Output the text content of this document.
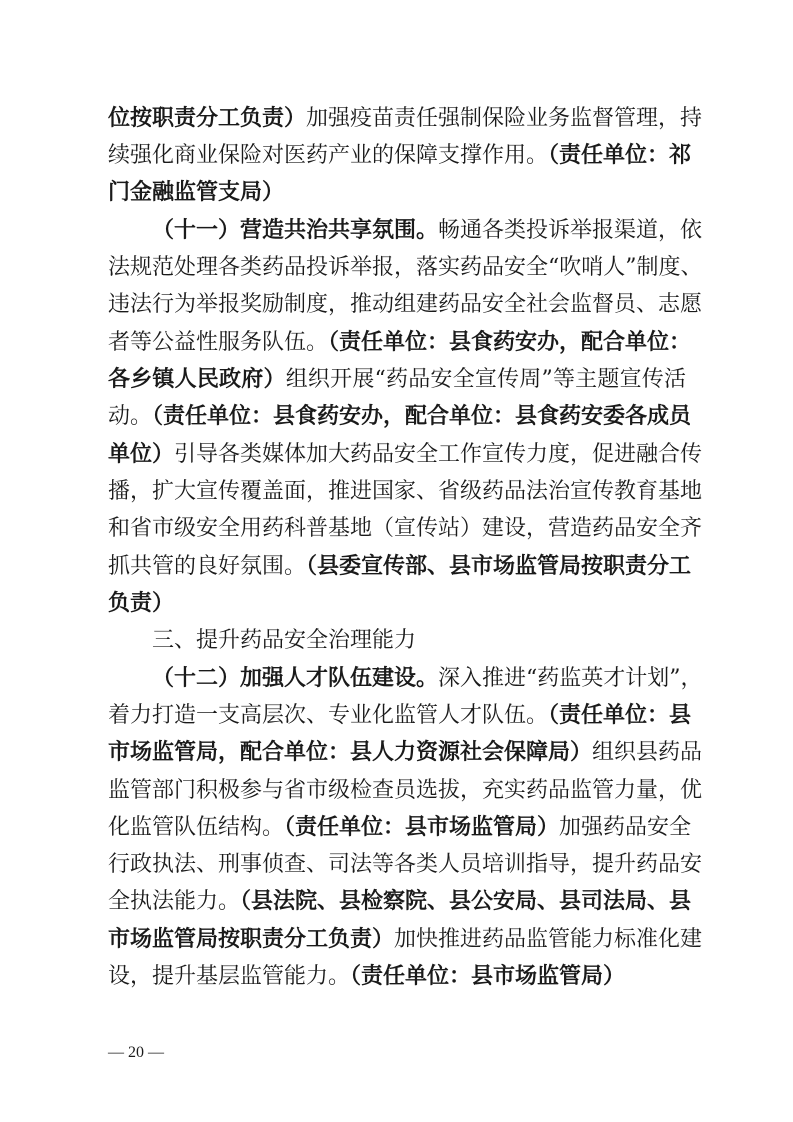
位按职责分工负责）加强疫苗责任强制保险业务监督管理，持
续强化商业保险对医药产业的保障支撑作用。（责任单位：祁
门金融监管支局）
（十一）营造共治共享氛围。畅通各类投诉举报渠道，依
法规范处理各类药品投诉举报，落实药品安全“吹哨人”制度、
违法行为举报奖励制度，推动组建药品安全社会监督员、志愿
者等公益性服务队伍。（责任单位：县食药安办，配合单位：
各乡镇人民政府）组织开展“药品安全宣传周”等主题宣传活
动。（责任单位：县食药安办，配合单位：县食药安委各成员
单位）引导各类媒体加大药品安全工作宣传力度，促进融合传
播，扩大宣传覆盖面，推进国家、省级药品法治宣传教育基地
和省市级安全用药科普基地（宣传站）建设，营造药品安全齐
抓共管的良好氛围。（县委宣传部、县市场监管局按职责分工
负责）
三、提升药品安全治理能力
（十二）加强人才队伍建设。深入推进“药监英才计划”，
着力打造一支高层次、专业化监管人才队伍。（责任单位：县
市场监管局，配合单位：县人力资源社会保障局）组织县药品
监管部门积极参与省市级检查员选拔，充实药品监管力量，优
化监管队伍结构。（责任单位：县市场监管局）加强药品安全
行政执法、刑事侦查、司法等各类人员培训指导，提升药品安
全执法能力。（县法院、县检察院、县公安局、县司法局、县
市场监管局按职责分工负责）加快推进药品监管能力标准化建
设，提升基层监管能力。（责任单位：县市场监管局）
— 20 —
